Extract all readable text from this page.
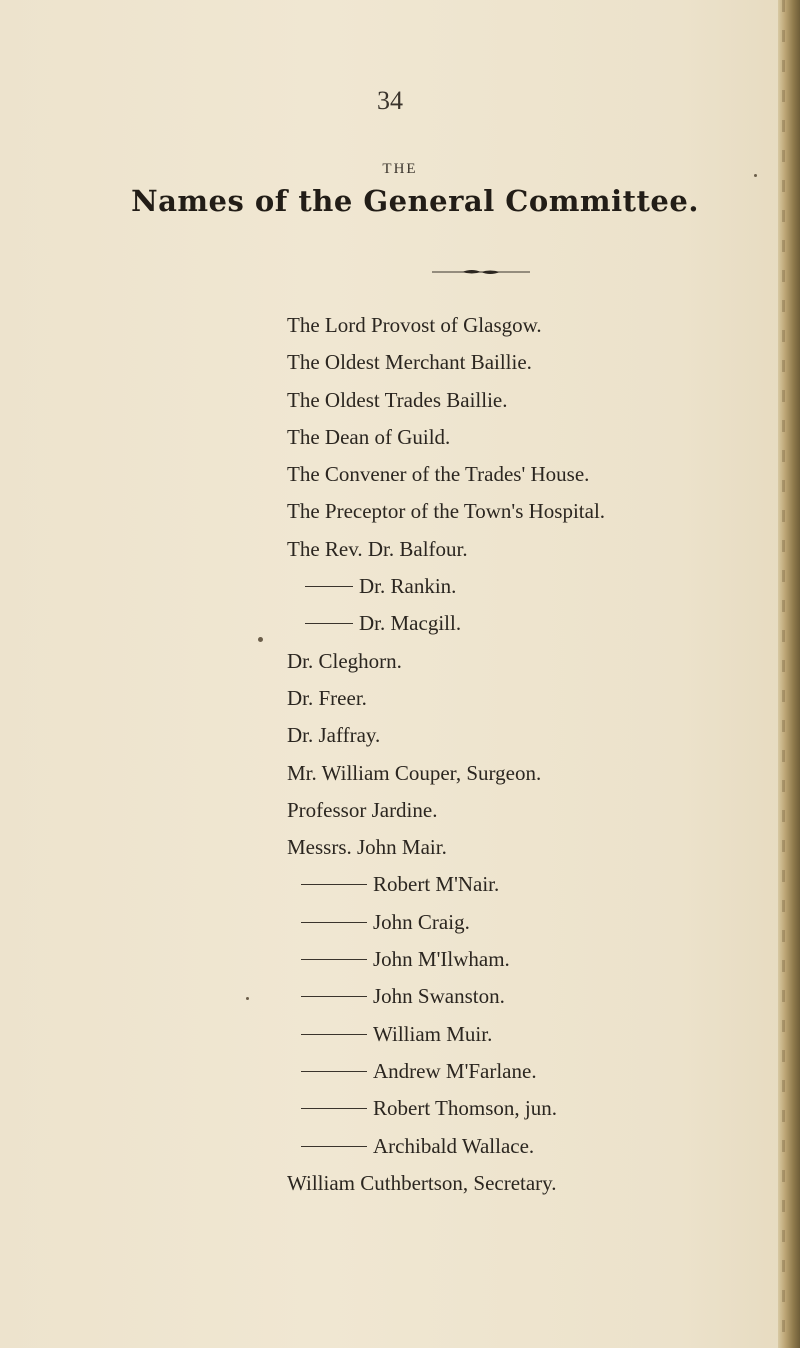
34
THE
Names of the General Committee.
The Lord Provost of Glasgow.
The Oldest Merchant Baillie.
The Oldest Trades Baillie.
The Dean of Guild.
The Convener of the Trades' House.
The Preceptor of the Town's Hospital.
The Rev. Dr. Balfour.
Dr. Rankin.
Dr. Macgill.
Dr. Cleghorn.
Dr. Freer.
Dr. Jaffray.
Mr. William Couper, Surgeon.
Professor Jardine.
Messrs. John Mair.
Robert M'Nair.
John Craig.
John M'Ilwham.
John Swanston.
William Muir.
Andrew M'Farlane.
Robert Thomson, jun.
Archibald Wallace.
William Cuthbertson, Secretary.
